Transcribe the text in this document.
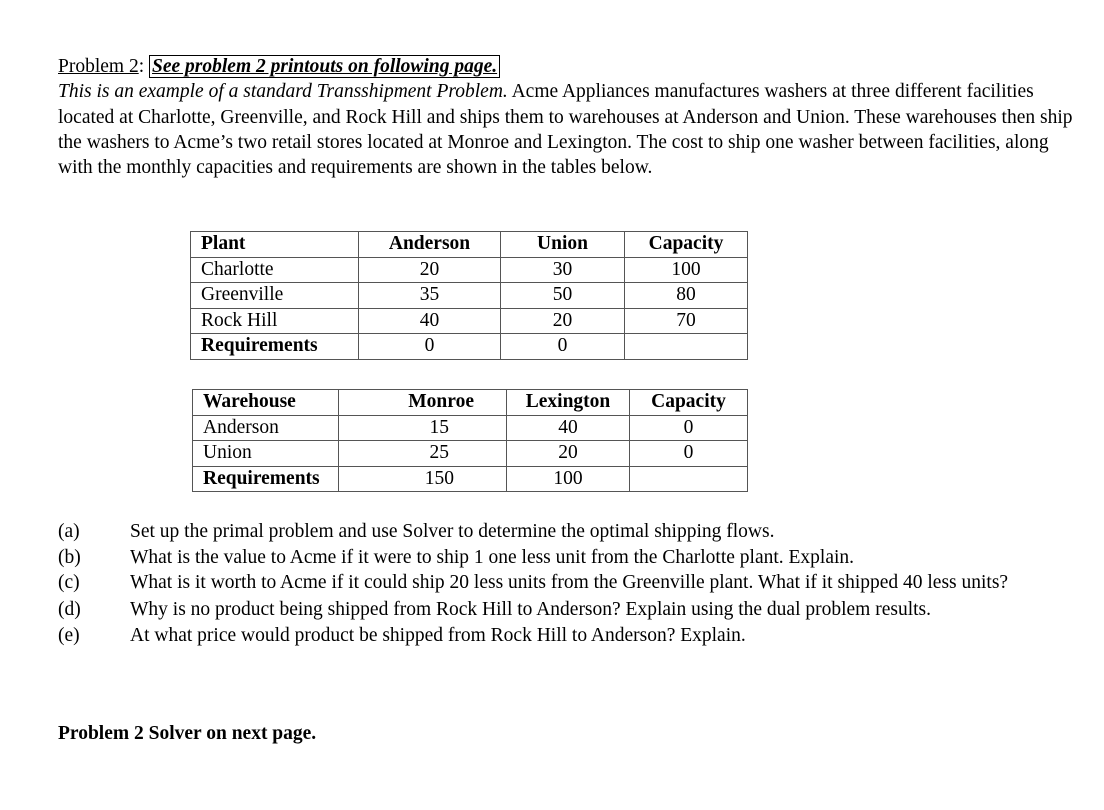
Problem 2: See problem 2 printouts on following page.
This is an example of a standard Transshipment Problem. Acme Appliances manufactures washers at three different facilities located at Charlotte, Greenville, and Rock Hill and ships them to warehouses at Anderson and Union. These warehouses then ship the washers to Acme’s two retail stores located at Monroe and Lexington. The cost to ship one washer between facilities, along with the monthly capacities and requirements are shown in the tables below.
Plant	Anderson	Union	Capacity
Charlotte	20	30	100
Greenville	35	50	80
Rock Hill	40	20	70
Requirements	0	0	
Warehouse	Monroe	Lexington	Capacity
Anderson	15	40	0
Union	25	20	0
Requirements	150	100	
(a)	Set up the primal problem and use Solver to determine the optimal shipping flows.
(b)	What is the value to Acme if it were to ship 1 one less unit from the Charlotte plant. Explain.
(c)	What is it worth to Acme if it could ship 20 less units from the Greenville plant. What if it shipped 40 less units?
(d)	Why is no product being shipped from Rock Hill to Anderson? Explain using the dual problem results.
(e)	At what price would product be shipped from Rock Hill to Anderson? Explain.
Problem 2 Solver on next page.
